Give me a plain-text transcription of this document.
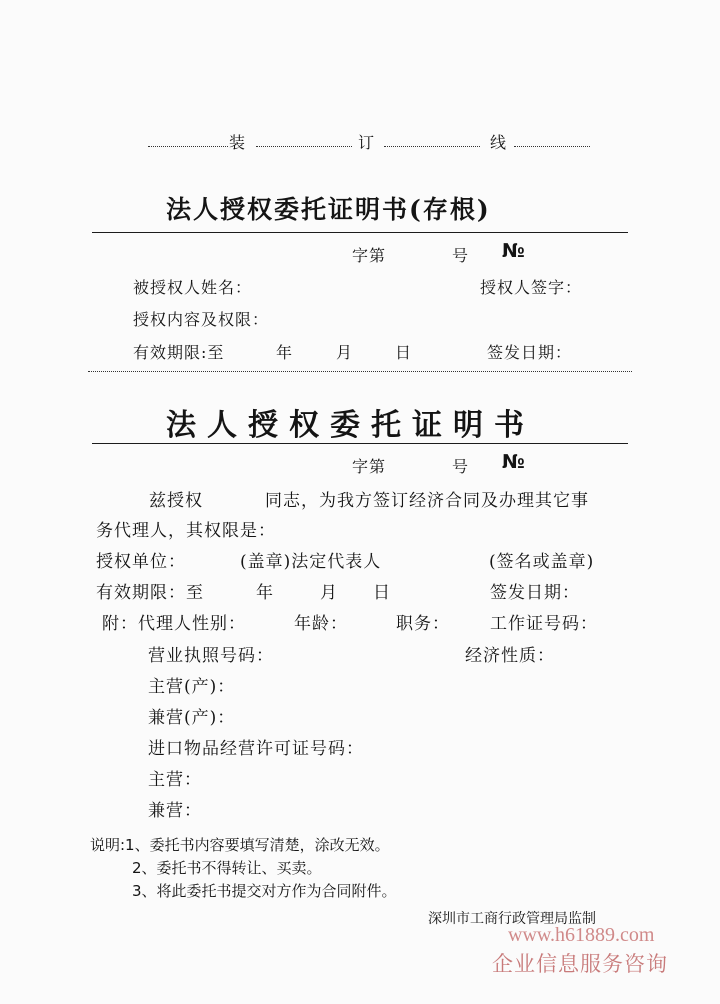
装	订	线
法人授权委托证明书(存根)
字第	号 №
被授权人姓名：	授权人签字：
授权内容及权限：
有效期限:至	年	月	日	签发日期：
法人授权委托证明书
字第	号 №
兹授权	同志，为我方签订经济合同及办理其它事
务代理人，其权限是：
授权单位：	(盖章)法定代表人	(签名或盖章)
有效期限：至	年	月 日	签发日期：
附： 代理人性别：	年龄：	职务： 工作证号码：
营业执照号码：	经济性质：
主营(产)：
兼营(产)：
进口物品经营许可证号码：
主营：
兼营：
说明:1、委托书内容要填写清楚，涂改无效。
2、委托书不得转让、买卖。
3、将此委托书提交对方作为合同附件。
深圳市工商行政管理局监制
www.h61889.com
企业信息服务咨询
